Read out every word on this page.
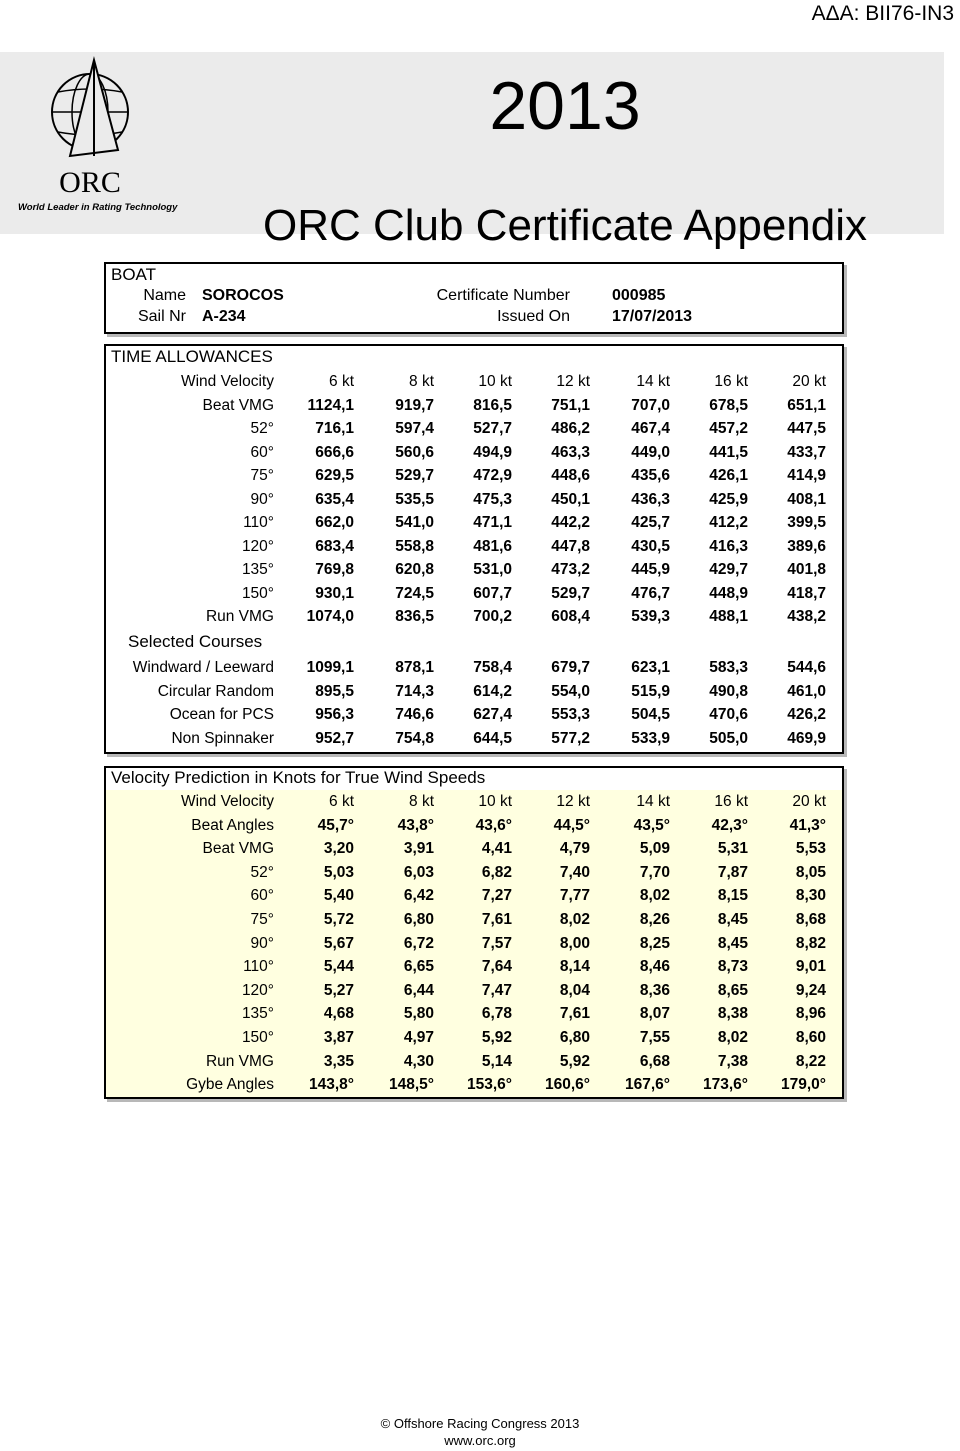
ΑΔΑ: ΒΙΙ76-ΙΝ3
ORC
World Leader in Rating Technology
2013
ORC Club Certificate Appendix
BOAT
Name SOROCOS
Sail Nr A-234
Certificate Number	000985
Issued On	17/07/2013
TIME ALLOWANCES
Wind Velocity	6 kt	8 kt	10 kt	12 kt	14 kt	16 kt	20 kt
Beat VMG	1124,1	919,7	816,5	751,1	707,0	678,5	651,1
52°	716,1	597,4	527,7	486,2	467,4	457,2	447,5
60°	666,6	560,6	494,9	463,3	449,0	441,5	433,7
75°	629,5	529,7	472,9	448,6	435,6	426,1	414,9
90°	635,4	535,5	475,3	450,1	436,3	425,9	408,1
110°	662,0	541,0	471,1	442,2	425,7	412,2	399,5
120°	683,4	558,8	481,6	447,8	430,5	416,3	389,6
135°	769,8	620,8	531,0	473,2	445,9	429,7	401,8
150°	930,1	724,5	607,7	529,7	476,7	448,9	418,7
Run VMG	1074,0	836,5	700,2	608,4	539,3	488,1	438,2
Selected Courses
Windward / Leeward	1099,1	878,1	758,4	679,7	623,1	583,3	544,6
Circular Random	895,5	714,3	614,2	554,0	515,9	490,8	461,0
Ocean for PCS	956,3	746,6	627,4	553,3	504,5	470,6	426,2
Non Spinnaker	952,7	754,8	644,5	577,2	533,9	505,0	469,9
Velocity Prediction in Knots for True Wind Speeds
Wind Velocity	6 kt	8 kt	10 kt	12 kt	14 kt	16 kt	20 kt
Beat Angles	45,7°	43,8°	43,6°	44,5°	43,5°	42,3°	41,3°
Beat VMG	3,20	3,91	4,41	4,79	5,09	5,31	5,53
52°	5,03	6,03	6,82	7,40	7,70	7,87	8,05
60°	5,40	6,42	7,27	7,77	8,02	8,15	8,30
75°	5,72	6,80	7,61	8,02	8,26	8,45	8,68
90°	5,67	6,72	7,57	8,00	8,25	8,45	8,82
110°	5,44	6,65	7,64	8,14	8,46	8,73	9,01
120°	5,27	6,44	7,47	8,04	8,36	8,65	9,24
135°	4,68	5,80	6,78	7,61	8,07	8,38	8,96
150°	3,87	4,97	5,92	6,80	7,55	8,02	8,60
Run VMG	3,35	4,30	5,14	5,92	6,68	7,38	8,22
Gybe Angles	143,8°	148,5°	153,6°	160,6°	167,6°	173,6°	179,0°
© Offshore Racing Congress 2013
www.orc.org
